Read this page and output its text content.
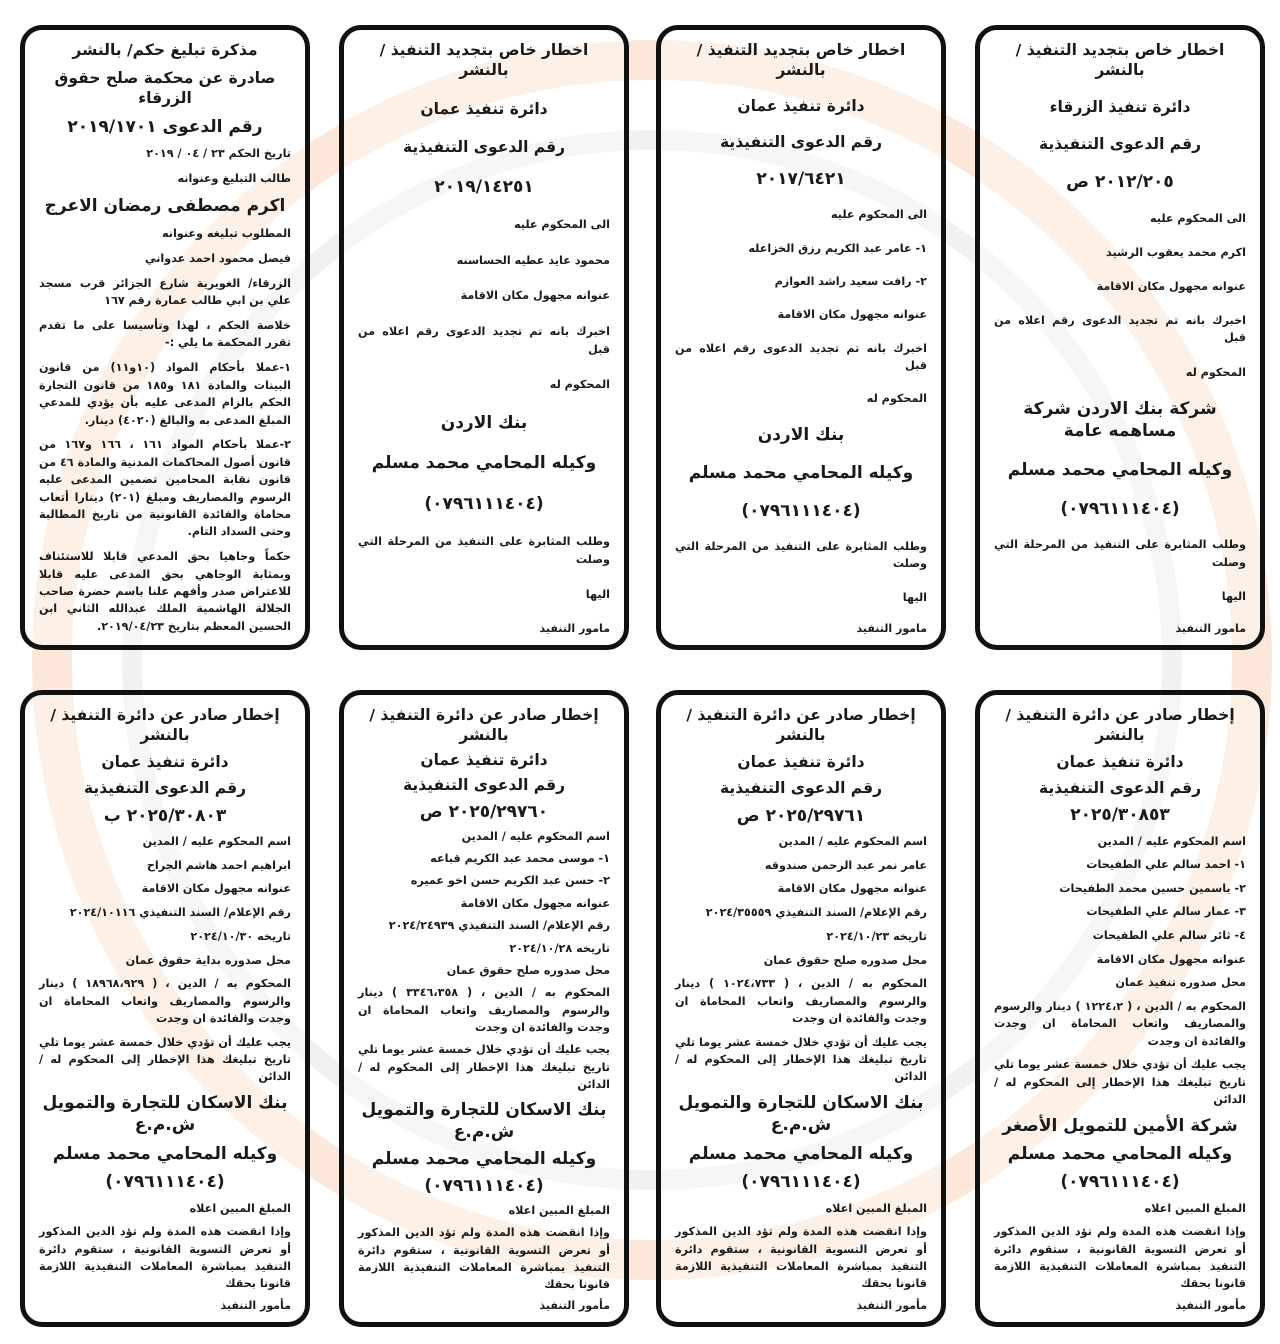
مذكرة تبليغ حكم/ بالنشر
صادرة عن محكمة صلح حقوق الزرقاء
رقم الدعوى ٢٠١٩/١٧٠١
تاريخ الحكم ٢٣ / ٠٤ / ٢٠١٩
طالب التبليغ وعنوانه
اكرم مصطفى رمضان الاعرج
المطلوب تبليغه وعنوانه
فيصل محمود احمد عدواني
الزرقاء/ الغويرية شارع الجزائر قرب مسجد علي بن ابي طالب عمارة رقم ١٦٧
خلاصة الحكم ، لهذا وتأسيسا على ما تقدم تقرر المحكمة ما يلي :-
١-عملا بأحكام المواد (١٠و١١) من قانون البينات والمادة ١٨١ و١٨٥ من قانون التجارة الحكم بالزام المدعى عليه بأن يؤدي للمدعي المبلغ المدعى به والبالغ (٤٠٢٠) دينار.
٢-عملا بأحكام المواد ١٦١ ، ١٦٦ و١٦٧ من قانون أصول المحاكمات المدنية والمادة ٤٦ من قانون نقابة المحامين تضمين المدعى عليه الرسوم والمصاريف ومبلغ (٢٠١) دينارا أتعاب محاماة والفائدة القانونية من تاريخ المطالبة وحتى السداد التام.
حكماً وجاهيا بحق المدعي قابلا للاستئناف وبمثابة الوجاهي بحق المدعى عليه قابلا للاعتراض صدر وأفهم علنا باسم حضرة صاحب الجلالة الهاشمية الملك عبدالله الثاني ابن الحسين المعظم بتاريخ ٢٠١٩/٠٤/٢٣.
اخطار خاص بتجديد التنفيذ /بالنشر
دائرة تنفيذ عمان
رقم الدعوى التنفيذية
٢٠١٩/١٤٢٥١
الى المحكوم عليه
محمود عايد عطيه الحساسنه
عنوانه مجهول مكان الاقامة
اخبرك بانه تم تجديد الدعوى رقم اعلاه من قبل
المحكوم له
بنك الاردن
وكيله المحامي محمد مسلم
(٠٧٩٦١١١٤٠٤)
وطلب المثابرة على التنفيذ من المرحلة التي وصلت
اليها
مامور التنفيذ
اخطار خاص بتجديد التنفيذ /بالنشر
دائرة تنفيذ عمان
رقم الدعوى التنفيذية
٢٠١٧/٦٤٢١
الى المحكوم عليه
١- عامر عبد الكريم رزق الخزاعله
٢- رافت سعيد راشد العوازم
عنوانه مجهول مكان الاقامة
اخبرك بانه تم تجديد الدعوى رقم اعلاه من قبل
المحكوم له
بنك الاردن
وكيله المحامي محمد مسلم
(٠٧٩٦١١١٤٠٤)
وطلب المثابرة على التنفيذ من المرحلة التي وصلت
اليها
مامور التنفيذ
اخطار خاص بتجديد التنفيذ /بالنشر
دائرة تنفيذ الزرقاء
رقم الدعوى التنفيذية
٢٠١٢/٢٠٥ ص
الى المحكوم عليه
اكرم محمد يعقوب الرشيد
عنوانه مجهول مكان الاقامة
اخبرك بانه تم تجديد الدعوى رقم اعلاه من قبل
المحكوم له
شركة بنك الاردن شركة مساهمه عامة
وكيله المحامي محمد مسلم
(٠٧٩٦١١١٤٠٤)
وطلب المثابرة على التنفيذ من المرحلة التي وصلت
اليها
مامور التنفيذ
إخطار صادر عن دائرة التنفيذ / بالنشر
دائرة تنفيذ عمان
رقم الدعوى التنفيذية
٢٠٢٥/٣٠٨٠٣ ب
اسم المحكوم عليه / المدين
ابراهيم احمد هاشم الجراح
عنوانه مجهول مكان الاقامة
رقم الإعلام/ السند التنفيذي ٢٠٢٤/١٠١١٦
تاريخه ٢٠٢٤/١٠/٣٠
محل صدوره بداية حقوق عمان
المحكوم به / الدين ، ( ١٨٩٦٨،٩٢٩ ) دينار والرسوم والمصاريف واتعاب المحاماة ان وجدت والفائدة ان وجدت
يجب عليك أن تؤدي خلال خمسة عشر يوما تلي تاريخ تبليغك هذا الإخطار إلى المحكوم له / الدائن
بنك الاسكان للتجارة والتمويل ش.م.ع
وكيله المحامي محمد مسلم
(٠٧٩٦١١١٤٠٤)
المبلغ المبين اعلاه
وإذا انقضت هذه المدة ولم تؤد الدين المذكور أو تعرض التسوية القانونية ، ستقوم دائرة التنفيذ بمباشرة المعاملات التنفيذية اللازمة قانونا بحقك
مأمور التنفيذ
إخطار صادر عن دائرة التنفيذ / بالنشر
دائرة تنفيذ عمان
رقم الدعوى التنفيذية
٢٠٢٥/٢٩٧٦٠ ص
اسم المحكوم عليه / المدين
١- موسى محمد عبد الكريم قباعه
٢- حسن عبد الكريم حسن اخو عميره
عنوانه مجهول مكان الاقامة
رقم الإعلام/ السند التنفيذي ٢٠٢٤/٢٤٩٣٩
تاريخه ٢٠٢٤/١٠/٢٨
محل صدوره صلح حقوق عمان
المحكوم به / الدين ، ( ٣٣٤٦،٣٥٨ ) دينار والرسوم والمصاريف واتعاب المحاماة ان وجدت والفائدة ان وجدت
يجب عليك أن تؤدي خلال خمسة عشر يوما تلي تاريخ تبليغك هذا الإخطار إلى المحكوم له / الدائن
بنك الاسكان للتجارة والتمويل ش.م.ع
وكيله المحامي محمد مسلم
(٠٧٩٦١١١٤٠٤)
المبلغ المبين اعلاه
وإذا انقضت هذه المدة ولم تؤد الدين المذكور أو تعرض التسوية القانونية ، ستقوم دائرة التنفيذ بمباشرة المعاملات التنفيذية اللازمة قانونا بحقك
مأمور التنفيذ
إخطار صادر عن دائرة التنفيذ / بالنشر
دائرة تنفيذ عمان
رقم الدعوى التنفيذية
٢٠٢٥/٢٩٧٦١ ص
اسم المحكوم عليه / المدين
عامر نمر عبد الرحمن صندوقه
عنوانه مجهول مكان الاقامة
رقم الإعلام/ السند التنفيذي ٢٠٢٤/٣٥٥٥٩
تاريخه ٢٠٢٤/١٠/٢٣
محل صدوره صلح حقوق عمان
المحكوم به / الدين ، ( ١٠٢٤،٧٣٣ ) دينار والرسوم والمصاريف واتعاب المحاماة ان وجدت والفائدة ان وجدت
يجب عليك أن تؤدي خلال خمسة عشر يوما تلي تاريخ تبليغك هذا الإخطار إلى المحكوم له / الدائن
بنك الاسكان للتجارة والتمويل ش.م.ع
وكيله المحامي محمد مسلم
(٠٧٩٦١١١٤٠٤)
المبلغ المبين اعلاه
وإذا انقضت هذه المدة ولم تؤد الدين المذكور أو تعرض التسوية القانونية ، ستقوم دائرة التنفيذ بمباشرة المعاملات التنفيذية اللازمة قانونا بحقك
مأمور التنفيذ
إخطار صادر عن دائرة التنفيذ / بالنشر
دائرة تنفيذ عمان
رقم الدعوى التنفيذية
٢٠٢٥/٣٠٨٥٣
اسم المحكوم عليه / المدين
١- احمد سالم علي الطفيحات
٢- ياسمين حسين محمد الطفيحات
٣- عمار سالم علي الطفيحات
٤- ثائر سالم علي الطفيحات
عنوانه مجهول مكان الاقامة
محل صدوره تنفيذ عمان
المحكوم به / الدين ، ( ١٢٢٤،٢ ) دينار والرسوم والمصاريف واتعاب المحاماة ان وجدت والفائدة ان وجدت
يجب عليك أن تؤدي خلال خمسة عشر يوما تلي تاريخ تبليغك هذا الإخطار إلى المحكوم له / الدائن
شركة الأمين للتمويل الأصغر
وكيله المحامي محمد مسلم
(٠٧٩٦١١١٤٠٤)
المبلغ المبين اعلاه
وإذا انقضت هذه المدة ولم تؤد الدين المذكور أو تعرض التسوية القانونية ، ستقوم دائرة التنفيذ بمباشرة المعاملات التنفيذية اللازمة قانونا بحقك
مأمور التنفيذ
